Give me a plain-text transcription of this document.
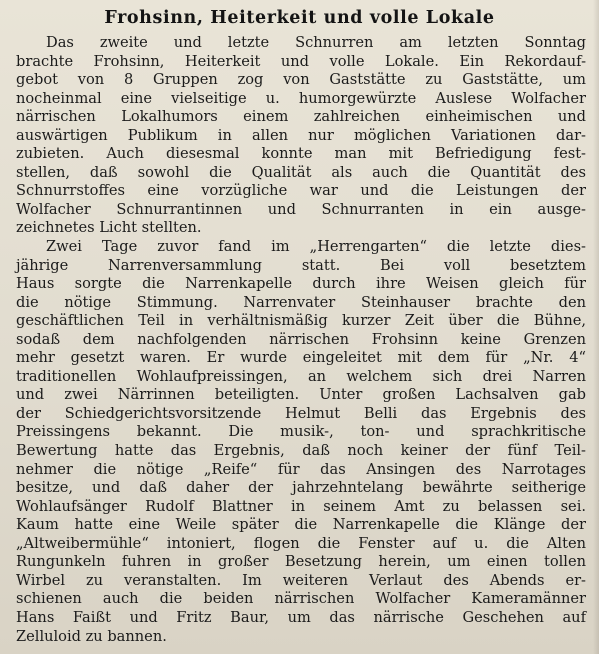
Frohsinn, Heiterkeit und volle Lokale
Das zweite und letzte Schnurren am letzten Sonntag
brachte Frohsinn, Heiterkeit und volle Lokale. Ein Rekordauf-
gebot von 8 Gruppen zog von Gaststätte zu Gaststätte, um
nocheinmal eine vielseitige u. humorgewürzte Auslese Wolfacher
närrischen Lokalhumors einem zahlreichen einheimischen und
auswärtigen Publikum in allen nur möglichen Variationen dar-
zubieten. Auch diesesmal konnte man mit Befriedigung fest-
stellen, daß sowohl die Qualität als auch die Quantität des
Schnurrstoffes eine vorzügliche war und die Leistungen der
Wolfacher Schnurrantinnen und Schnurranten in ein ausge-
zeichnetes Licht stellten.
Zwei Tage zuvor fand im „Herrengarten“ die letzte dies-
jährige Narrenversammlung statt. Bei voll besetztem
Haus sorgte die Narrenkapelle durch ihre Weisen gleich für
die nötige Stimmung. Narrenvater Steinhauser brachte den
geschäftlichen Teil in verhältnismäßig kurzer Zeit über die Bühne,
sodaß dem nachfolgenden närrischen Frohsinn keine Grenzen
mehr gesetzt waren. Er wurde eingeleitet mit dem für „Nr. 4“
traditionellen Wohlaufpreissingen, an welchem sich drei Narren
und zwei Närrinnen beteiligten. Unter großen Lachsalven gab
der Schiedgerichtsvorsitzende Helmut Belli das Ergebnis des
Preissingens bekannt. Die musik-, ton- und sprachkritische
Bewertung hatte das Ergebnis, daß noch keiner der fünf Teil-
nehmer die nötige „Reife“ für das Ansingen des Narrotages
besitze, und daß daher der jahrzehntelang bewährte seitherige
Wohlaufsänger Rudolf Blattner in seinem Amt zu belassen sei.
Kaum hatte eine Weile später die Narrenkapelle die Klänge der
„Altweibermühle“ intoniert, flogen die Fenster auf u. die Alten
Rungunkeln fuhren in großer Besetzung herein, um einen tollen
Wirbel zu veranstalten. Im weiteren Verlaut des Abends er-
schienen auch die beiden närrischen Wolfacher Kameramänner
Hans Faißt und Fritz Baur, um das närrische Geschehen auf
Zelluloid zu bannen.
